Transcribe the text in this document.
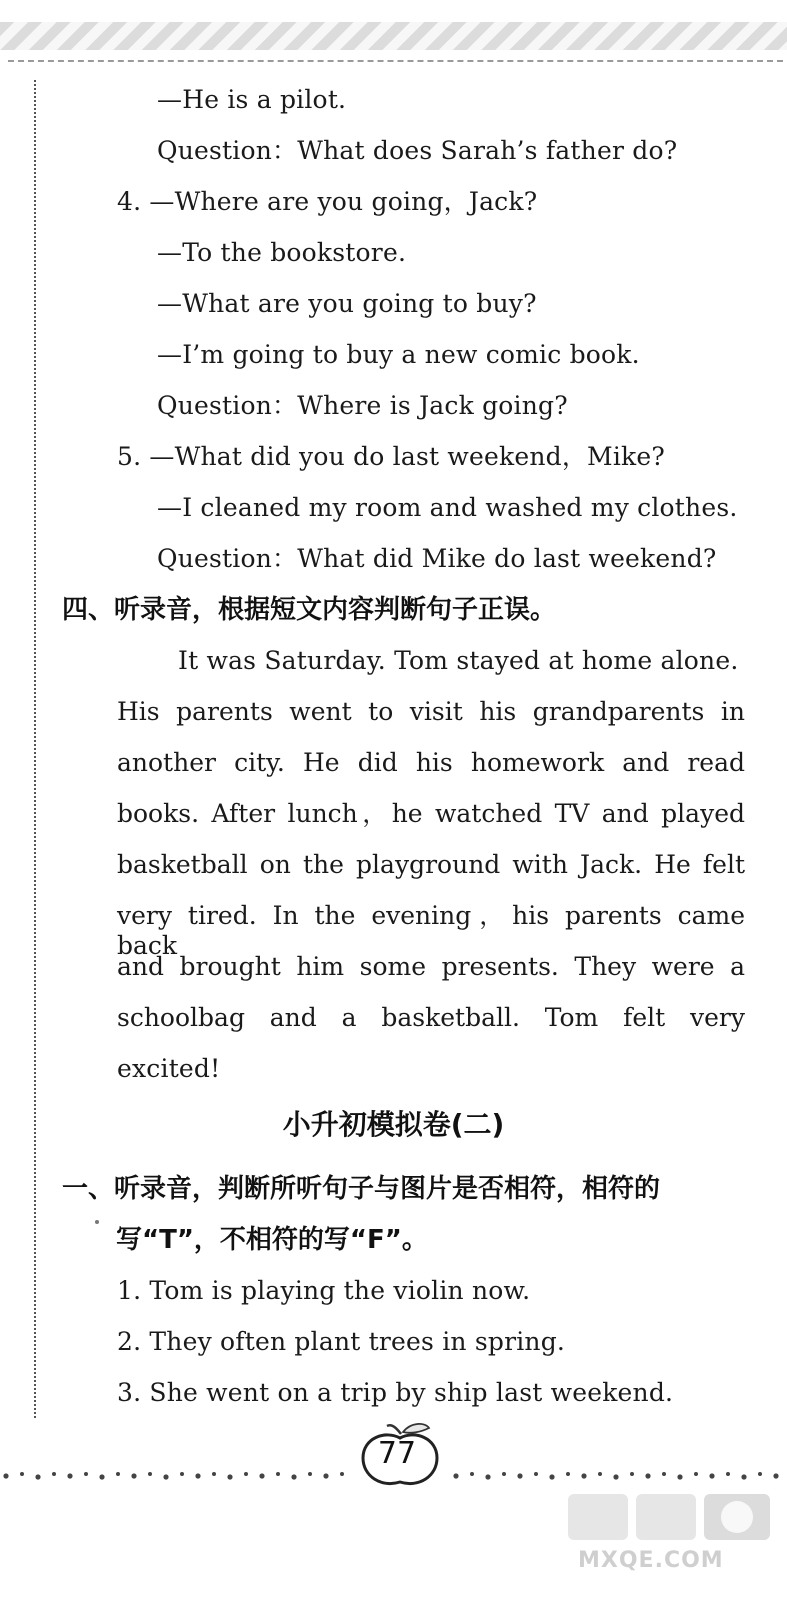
—He is a pilot.
Question：What does Sarah’s father do?
4. —Where are you going，Jack?
—To the bookstore.
—What are you going to buy?
—I’m going to buy a new comic book.
Question：Where is Jack going?
5. —What did you do last weekend，Mike?
—I cleaned my room and washed my clothes.
Question：What did Mike do last weekend?
四、听录音，根据短文内容判断句子正误。
It was Saturday. Tom stayed at home alone.
His parents went to visit his grandparents in
another city. He did his homework and read
books. After lunch，he watched TV and played
basketball on the playground with Jack. He felt
very tired. In the evening，his parents came back
and brought him some presents. They were a
schoolbag and a basketball. Tom felt very
excited!
小升初模拟卷(二)
一、听录音，判断所听句子与图片是否相符，相符的
写“T”，不相符的写“F”。
1. Tom is playing the violin now.
2. They often plant trees in spring.
3. She went on a trip by ship last weekend.
77
MXQE.COM
